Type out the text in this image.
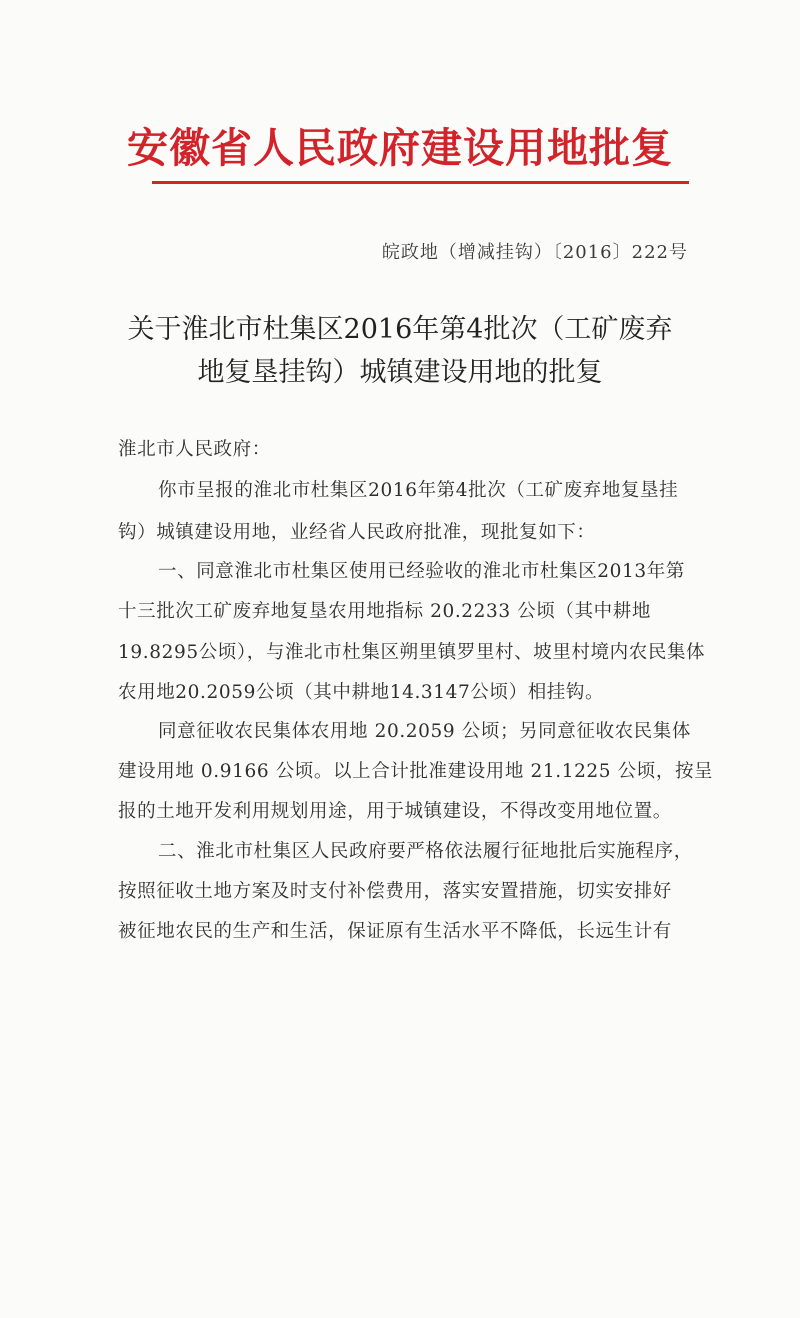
安徽省人民政府建设用地批复
皖政地（增减挂钩）〔2016〕222号
关于淮北市杜集区2016年第4批次（工矿废弃
地复垦挂钩）城镇建设用地的批复
淮北市人民政府：
你市呈报的淮北市杜集区2016年第4批次（工矿废弃地复垦挂
钩）城镇建设用地，业经省人民政府批准，现批复如下：
一、同意淮北市杜集区使用已经验收的淮北市杜集区2013年第
十三批次工矿废弃地复垦农用地指标 20.2233 公顷（其中耕地
19.8295公顷），与淮北市杜集区朔里镇罗里村、坡里村境内农民集体
农用地20.2059公顷（其中耕地14.3147公顷）相挂钩。
同意征收农民集体农用地 20.2059 公顷；另同意征收农民集体
建设用地 0.9166 公顷。以上合计批准建设用地 21.1225 公顷，按呈
报的土地开发利用规划用途，用于城镇建设，不得改变用地位置。
二、淮北市杜集区人民政府要严格依法履行征地批后实施程序，
按照征收土地方案及时支付补偿费用，落实安置措施，切实安排好
被征地农民的生产和生活，保证原有生活水平不降低，长远生计有
